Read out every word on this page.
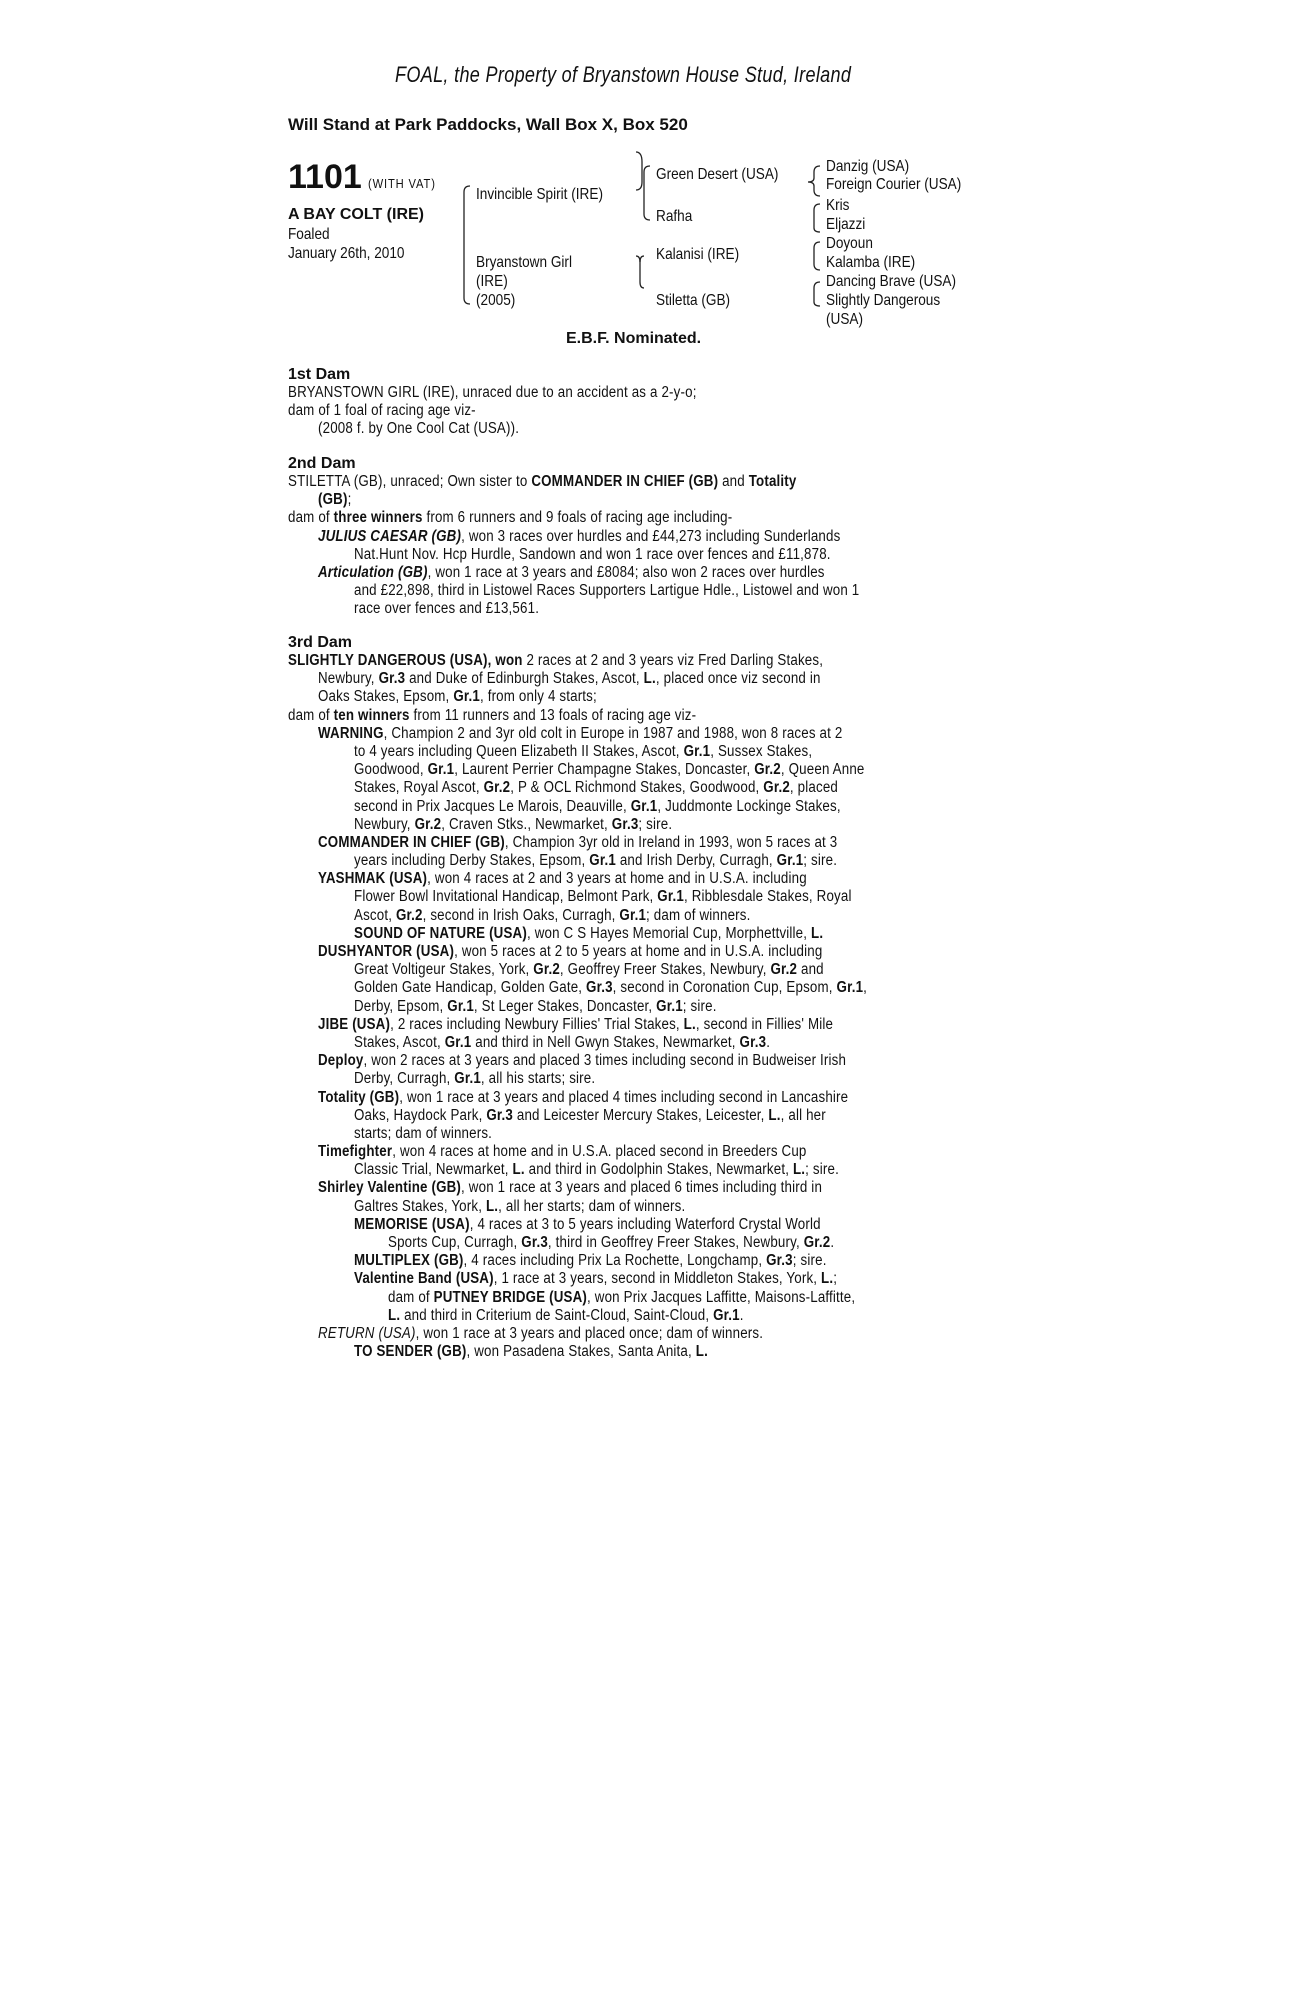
FOAL, the Property of Bryanstown House Stud, Ireland
Will Stand at Park Paddocks, Wall Box X, Box 520
1101 (WITH VAT)
A BAY COLT (IRE)
Foaled
January 26th, 2010
Invincible Spirit (IRE)
Bryanstown Girl
(IRE)
(2005)
Green Desert (USA)
Rafha
Kalanisi (IRE)
Stiletta (GB)
Danzig (USA)
Foreign Courier (USA)
Kris
Eljazzi
Doyoun
Kalamba (IRE)
Dancing Brave (USA)
Slightly Dangerous
(USA)
E.B.F. Nominated.
1st Dam
BRYANSTOWN GIRL (IRE), unraced due to an accident as a 2-y-o;
dam of 1 foal of racing age viz-
(2008 f. by One Cool Cat (USA)).
2nd Dam
STILETTA (GB), unraced; Own sister to COMMANDER IN CHIEF (GB) and Totality
(GB);
dam of three winners from 6 runners and 9 foals of racing age including-
JULIUS CAESAR (GB), won 3 races over hurdles and £44,273 including Sunderlands
Nat.Hunt Nov. Hcp Hurdle, Sandown and won 1 race over fences and £11,878.
Articulation (GB), won 1 race at 3 years and £8084; also won 2 races over hurdles
and £22,898, third in Listowel Races Supporters Lartigue Hdle., Listowel and won 1
race over fences and £13,561.
3rd Dam
SLIGHTLY DANGEROUS (USA), won 2 races at 2 and 3 years viz Fred Darling Stakes,
Newbury, Gr.3 and Duke of Edinburgh Stakes, Ascot, L., placed once viz second in
Oaks Stakes, Epsom, Gr.1, from only 4 starts;
dam of ten winners from 11 runners and 13 foals of racing age viz-
WARNING, Champion 2 and 3yr old colt in Europe in 1987 and 1988, won 8 races at 2
to 4 years including Queen Elizabeth II Stakes, Ascot, Gr.1, Sussex Stakes,
Goodwood, Gr.1, Laurent Perrier Champagne Stakes, Doncaster, Gr.2, Queen Anne
Stakes, Royal Ascot, Gr.2, P & OCL Richmond Stakes, Goodwood, Gr.2, placed
second in Prix Jacques Le Marois, Deauville, Gr.1, Juddmonte Lockinge Stakes,
Newbury, Gr.2, Craven Stks., Newmarket, Gr.3; sire.
COMMANDER IN CHIEF (GB), Champion 3yr old in Ireland in 1993, won 5 races at 3
years including Derby Stakes, Epsom, Gr.1 and Irish Derby, Curragh, Gr.1; sire.
YASHMAK (USA), won 4 races at 2 and 3 years at home and in U.S.A. including
Flower Bowl Invitational Handicap, Belmont Park, Gr.1, Ribblesdale Stakes, Royal
Ascot, Gr.2, second in Irish Oaks, Curragh, Gr.1; dam of winners.
SOUND OF NATURE (USA), won C S Hayes Memorial Cup, Morphettville, L.
DUSHYANTOR (USA), won 5 races at 2 to 5 years at home and in U.S.A. including
Great Voltigeur Stakes, York, Gr.2, Geoffrey Freer Stakes, Newbury, Gr.2 and
Golden Gate Handicap, Golden Gate, Gr.3, second in Coronation Cup, Epsom, Gr.1,
Derby, Epsom, Gr.1, St Leger Stakes, Doncaster, Gr.1; sire.
JIBE (USA), 2 races including Newbury Fillies' Trial Stakes, L., second in Fillies' Mile
Stakes, Ascot, Gr.1 and third in Nell Gwyn Stakes, Newmarket, Gr.3.
Deploy, won 2 races at 3 years and placed 3 times including second in Budweiser Irish
Derby, Curragh, Gr.1, all his starts; sire.
Totality (GB), won 1 race at 3 years and placed 4 times including second in Lancashire
Oaks, Haydock Park, Gr.3 and Leicester Mercury Stakes, Leicester, L., all her
starts; dam of winners.
Timefighter, won 4 races at home and in U.S.A. placed second in Breeders Cup
Classic Trial, Newmarket, L. and third in Godolphin Stakes, Newmarket, L.; sire.
Shirley Valentine (GB), won 1 race at 3 years and placed 6 times including third in
Galtres Stakes, York, L., all her starts; dam of winners.
MEMORISE (USA), 4 races at 3 to 5 years including Waterford Crystal World
Sports Cup, Curragh, Gr.3, third in Geoffrey Freer Stakes, Newbury, Gr.2.
MULTIPLEX (GB), 4 races including Prix La Rochette, Longchamp, Gr.3; sire.
Valentine Band (USA), 1 race at 3 years, second in Middleton Stakes, York, L.;
dam of PUTNEY BRIDGE (USA), won Prix Jacques Laffitte, Maisons-Laffitte,
L. and third in Criterium de Saint-Cloud, Saint-Cloud, Gr.1.
RETURN (USA), won 1 race at 3 years and placed once; dam of winners.
TO SENDER (GB), won Pasadena Stakes, Santa Anita, L.
